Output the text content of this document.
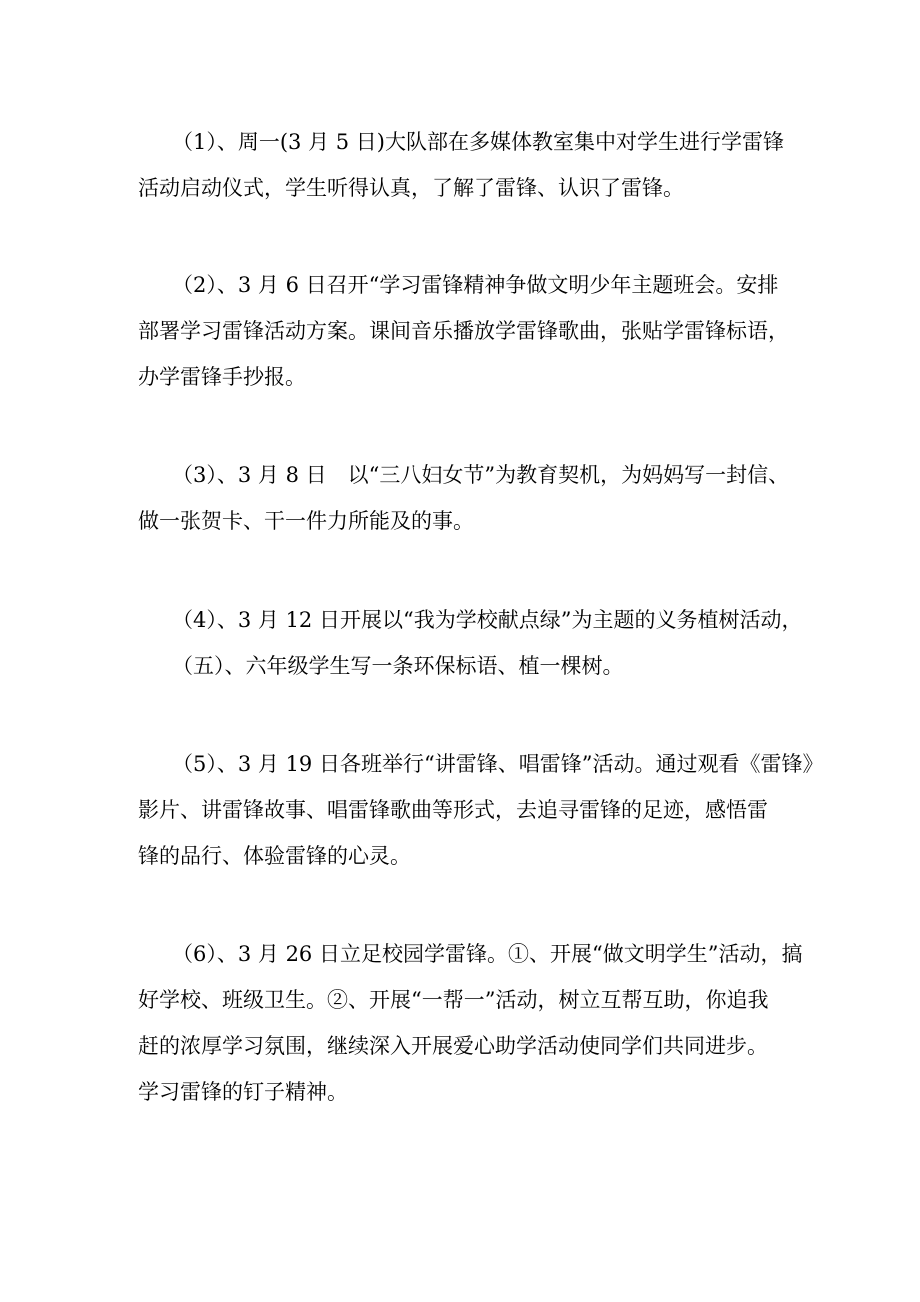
（1）、周一(3 月 5 日)大队部在多媒体教室集中对学生进行学雷锋
活动启动仪式，学生听得认真，了解了雷锋、认识了雷锋。

（2）、3 月 6 日召开“学习雷锋精神争做文明少年主题班会。安排
部署学习雷锋活动方案。课间音乐播放学雷锋歌曲，张贴学雷锋标语，
办学雷锋手抄报。

（3）、3 月 8 日　以“三八妇女节”为教育契机，为妈妈写一封信、
做一张贺卡、干一件力所能及的事。

（4）、3 月 12 日开展以“我为学校献点绿”为主题的义务植树活动，
（五）、六年级学生写一条环保标语、植一棵树。

（5）、3 月 19 日各班举行“讲雷锋、唱雷锋”活动。通过观看《雷锋》
影片、讲雷锋故事、唱雷锋歌曲等形式，去追寻雷锋的足迹，感悟雷
锋的品行、体验雷锋的心灵。

（6）、3 月 26 日立足校园学雷锋。①、开展“做文明学生”活动，搞
好学校、班级卫生。②、开展“一帮一”活动，树立互帮互助，你追我
赶的浓厚学习氛围，继续深入开展爱心助学活动使同学们共同进步。
学习雷锋的钉子精神。
